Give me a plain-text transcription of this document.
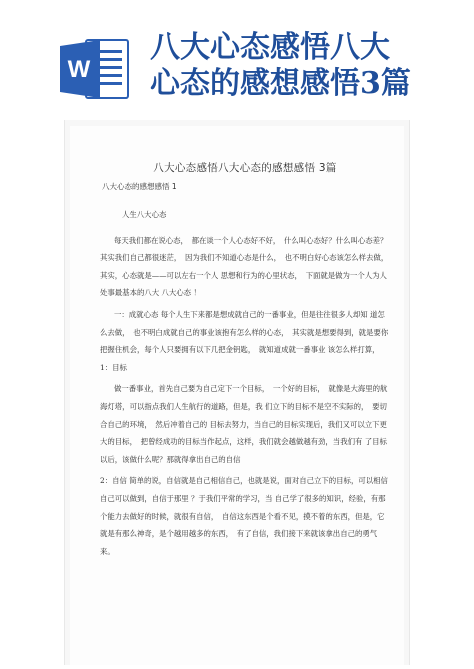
W
八大心态感悟八大
心态的感想感悟3篇
八大心态感悟八大心态的感想感悟 3篇
八大心态的感想感悟 1
人生八大心态
每天我们都在说心态，　都在谈一个人心态好不好，　什么叫心态好？什么叫心态差？其实我们自己都很迷茫，　因为我们不知道心态是什么，　也不明白好心态该怎么样去做，　其实，心态就是——可以左右一个人 思想和行为的心里状态，　下面就是做为一个人为人处事最基本的八大 八大心态 ！
一：成就心态 每个人生下来都是想成就自己的一番事业，但是往往很多人却知 道怎么去做，　也不明白成就自己的事业该抱有怎么样的心态，　其实就是想要得到，就是要你把握住机会，每个人只要拥有以下几把金钥匙，　就知道成就一番事业 该怎么样打算，　1：目标
做一番事业，首先自己要为自己定下一个目标，　一个好的目标，　就像是大海里的航海灯塔，可以指点我们人生航行的道路，但是，我 们立下的目标不是空不实际的，　要切合自己的环境，　然后冲着自己的 目标去努力，当自己的目标实现后，我们又可以立下更大的目标，　把曾经成功的目标当作起点，这样，我们就会越做越有劲，当我们有 了目标以后，该做什么呢？那就得拿出自己的自信
2：自信 简单的说，自信就是自己相信自己，也就是说，面对自己立下的目标，可以相信自己可以做到，自信于那里 ？于我们平常的学习，当 自己学了很多的知识，经验，有那个能力去做好的时候，就很有自信，　自信这东西是个看不见，摸不着的东西，但是，它就是有那么神奇，是个越用越多的东西，　有了自信，我们接下来就该拿出自己的勇气来。
